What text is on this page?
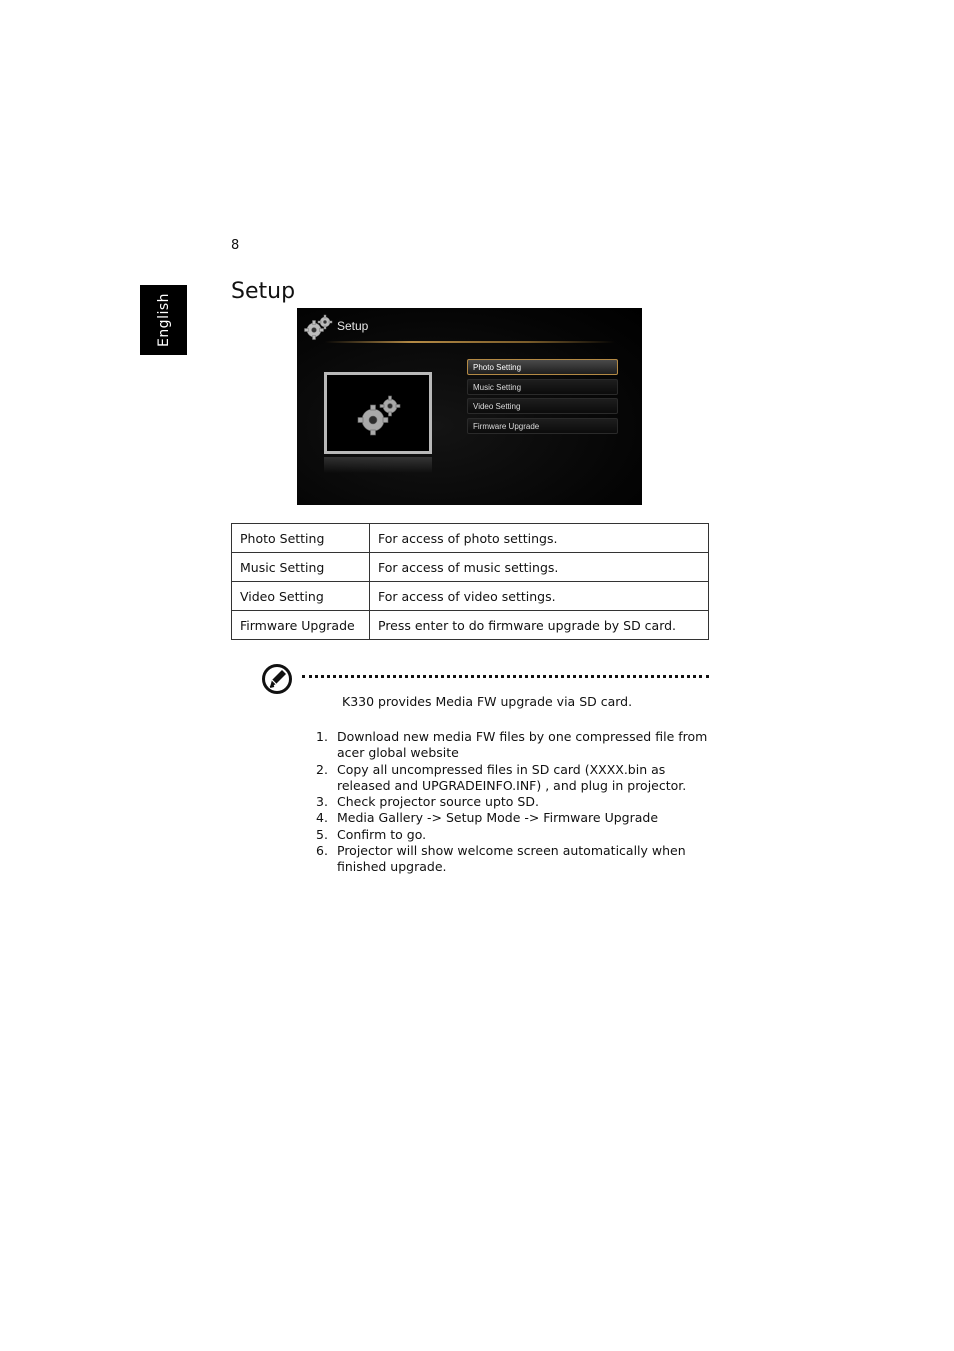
8
English
Setup
Setup
Photo Setting
Music Setting
Video Setting
Firmware Upgrade
Photo Setting	For access of photo settings.
Music Setting	For access of music settings.
Video Setting	For access of video settings.
Firmware Upgrade	Press enter to do firmware upgrade by SD card.
K330 provides Media FW upgrade via SD card.
1. Download new media FW files by one compressed file from acer global website
2. Copy all uncompressed files in SD card (XXXX.bin as released and UPGRADEINFO.INF) , and plug in projector.
3. Check projector source upto SD.
4. Media Gallery -> Setup Mode -> Firmware Upgrade
5. Confirm to go.
6. Projector will show welcome screen automatically when finished upgrade.
